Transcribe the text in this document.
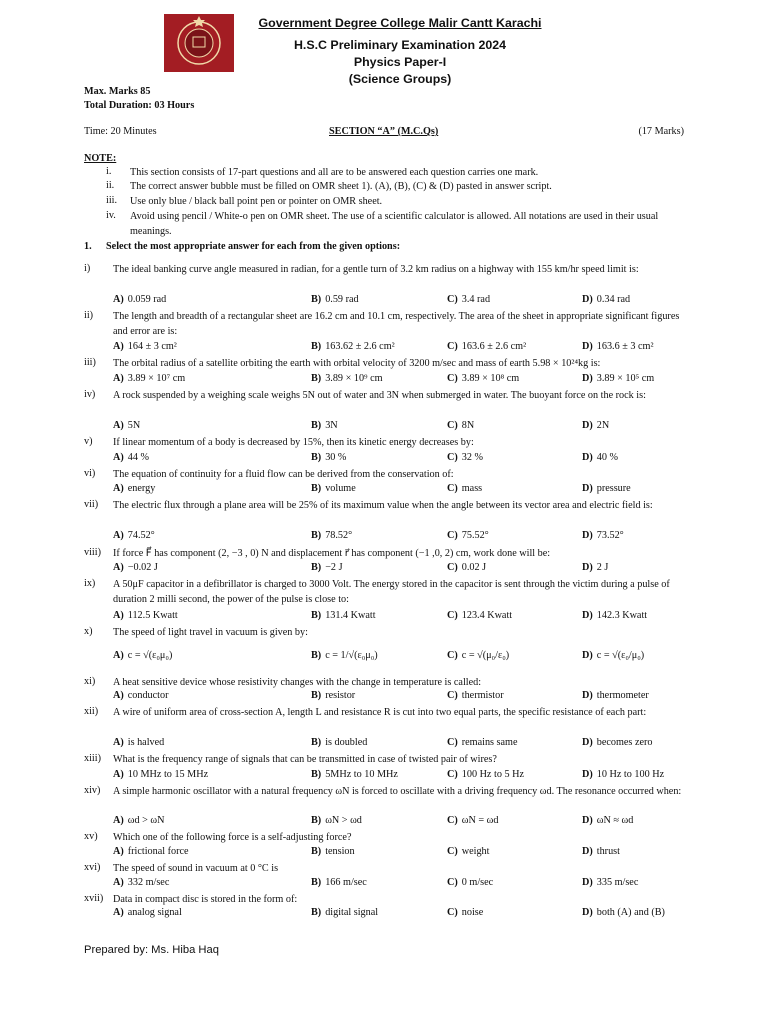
Government Degree College Malir Cantt Karachi
H.S.C Preliminary Examination 2024
Physics Paper-I
(Science Groups)
Max. Marks 85
Total Duration: 03 Hours
Time: 20 Minutes	SECTION “A” (M.C.Qs)	(17 Marks)
NOTE:
i.	This section consists of 17-part questions and all are to be answered each question carries one mark.
ii.	The correct answer bubble must be filled on OMR sheet 1). (A), (B), (C) & (D) pasted in answer script.
iii.	Use only blue / black ball point pen or pointer on OMR sheet.
iv.	Avoid using pencil / White-o pen on OMR sheet. The use of a scientific calculator is allowed. All notations are used in their usual meanings.
1. Select the most appropriate answer for each from the given options:
i)	The ideal banking curve angle measured in radian, for a gentle turn of 3.2 km radius on a highway with 155 km/hr speed limit is:
A) 0.059 rad	B) 0.59 rad	C) 3.4 rad	D) 0.34 rad
ii)	The length and breadth of a rectangular sheet are 16.2 cm and 10.1 cm, respectively. The area of the sheet in appropriate significant figures and error are is:
A) 164 ± 3 cm²	B) 163.62 ± 2.6 cm²	C) 163.6 ± 2.6 cm²	D) 163.6 ± 3 cm²
iii)	The orbital radius of a satellite orbiting the earth with orbital velocity of 3200 m/sec and mass of earth 5.98 × 10²⁴kg is:
A) 3.89 × 10⁷ cm	B) 3.89 × 10⁹ cm	C) 3.89 × 10⁸ cm	D) 3.89 × 10⁵ cm
iv)	A rock suspended by a weighing scale weighs 5N out of water and 3N when submerged in water. The buoyant force on the rock is:
A) 5N	B) 3N	C) 8N	D) 2N
v)	If linear momentum of a body is decreased by 15%, then its kinetic energy decreases by:
A) 44 %	B) 30 %	C) 32 %	D) 40 %
vi)	The equation of continuity for a fluid flow can be derived from the conservation of:
A) energy	B) volume	C) mass	D) pressure
vii)	The electric flux through a plane area will be 25% of its maximum value when the angle between its vector area and electric field is:
A) 74.52°	B) 78.52°	C) 75.52°	D) 73.52°
viii)	If force F⃗ has component (2, −3 , 0) N and displacement r⃗ has component (−1 ,0, 2) cm, work done will be:
A) −0.02 J	B) −2 J	C) 0.02 J	D) 2 J
ix)	A 50μF capacitor in a defibrillator is charged to 3000 Volt. The energy stored in the capacitor is sent through the victim during a pulse of duration 2 milli second, the power of the pulse is close to:
A) 112.5 Kwatt	B) 131.4 Kwatt	C) 123.4 Kwatt	D) 142.3 Kwatt
x)	The speed of light travel in vacuum is given by:
A) c = √(ε₀μ₀)	B) c = 1/√(ε₀μ₀)	C) c = √(μ₀/ε₀)	D) c = √(ε₀/μ₀)
xi)	A heat sensitive device whose resistivity changes with the change in temperature is called:
A) conductor	B) resistor	C) thermistor	D) thermometer
xii)	A wire of uniform area of cross-section A, length L and resistance R is cut into two equal parts, the specific resistance of each part:
A) is halved	B) is doubled	C) remains same	D) becomes zero
xiii)	What is the frequency range of signals that can be transmitted in case of twisted pair of wires?
A) 10 MHz to 15 MHz	B) 5MHz to 10 MHz	C) 100 Hz to 5 Hz	D) 10 Hz to 100 Hz
xiv)	A simple harmonic oscillator with a natural frequency ωN is forced to oscillate with a driving frequency ωd. The resonance occurred when:
A) ωd > ωN	B) ωN > ωd	C) ωN = ωd	D) ωN ≈ ωd
xv)	Which one of the following force is a self-adjusting force?
A) frictional force	B) tension	C) weight	D) thrust
xvi)	The speed of sound in vacuum at 0 °C is
A) 332 m/sec	B) 166 m/sec	C) 0 m/sec	D) 335 m/sec
xvii) Data in compact disc is stored in the form of:
A) analog signal	B) digital signal	C) noise	D) both (A) and (B)
Prepared by: Ms. Hiba Haq
